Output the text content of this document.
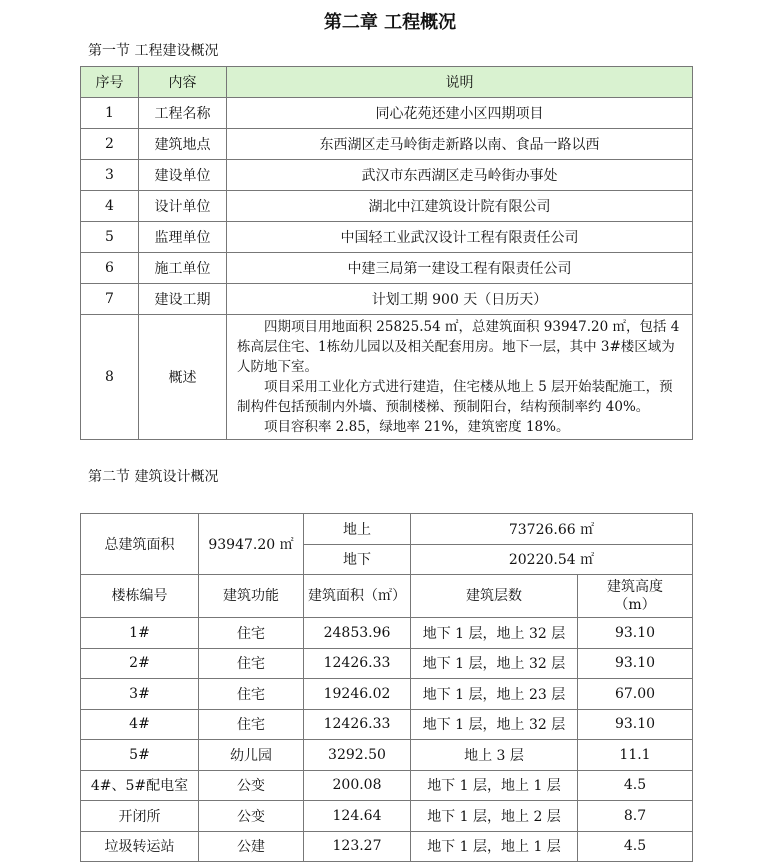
第二章 工程概况
第一节 工程建设概况
序号	内容	说明
1	工程名称	同心花苑还建小区四期项目
2	建筑地点	东西湖区走马岭街走新路以南、食品一路以西
3	建设单位	武汉市东西湖区走马岭街办事处
4	设计单位	湖北中江建筑设计院有限公司
5	监理单位	中国轻工业武汉设计工程有限责任公司
6	施工单位	中建三局第一建设工程有限责任公司
7	建设工期	计划工期 900 天（日历天）
8	概述	四期项目用地面积 25825.54 ㎡，总建筑面积 93947.20 ㎡，包括 4 栋高层住宅、1栋幼儿园以及相关配套用房。地下一层，其中 3#楼区域为人防地下室。

项目采用工业化方式进行建造，住宅楼从地上 5 层开始装配施工，预制构件包括预制内外墙、预制楼梯、预制阳台，结构预制率约 40%。

项目容积率 2.85，绿地率 21%，建筑密度 18%。

第二节 建筑设计概况
总建筑面积	93947.20 ㎡	地上	73726.66 ㎡	
		地下	20220.54 ㎡	
楼栋编号	建筑功能	建筑面积（㎡）	建筑层数	建筑高度
（m）

1#	住宅	24853.96	地下 1 层，地上 32 层	93.10
2#	住宅	12426.33	地下 1 层，地上 32 层	93.10
3#	住宅	19246.02	地下 1 层，地上 23 层	67.00
4#	住宅	12426.33	地下 1 层，地上 32 层	93.10
5#	幼儿园	3292.50	地上 3 层	11.1
4#、5#配电室	公变	200.08	地下 1 层，地上 1 层	4.5
开闭所	公变	124.64	地下 1 层，地上 2 层	8.7
垃圾转运站	公建	123.27	地下 1 层，地上 1 层	4.5
